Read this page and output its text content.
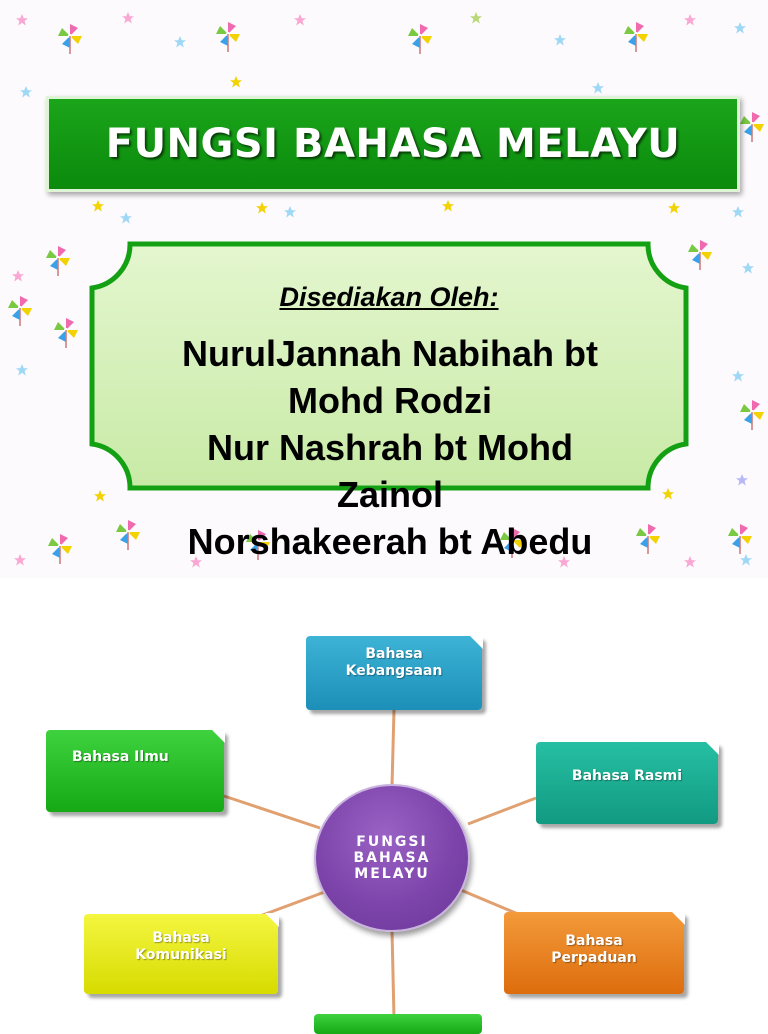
FUNGSI BAHASA MELAYU
Disediakan Oleh:
NurulJannah Nabihah bt
Mohd Rodzi
Nur Nashrah bt Mohd
Zainol
Norshakeerah bt Abedu
Bahasa
Kebangsaan
Bahasa Ilmu
Bahasa Rasmi
Bahasa
Komunikasi
Bahasa
Perpaduan
FUNGSI
BAHASA
MELAYU
